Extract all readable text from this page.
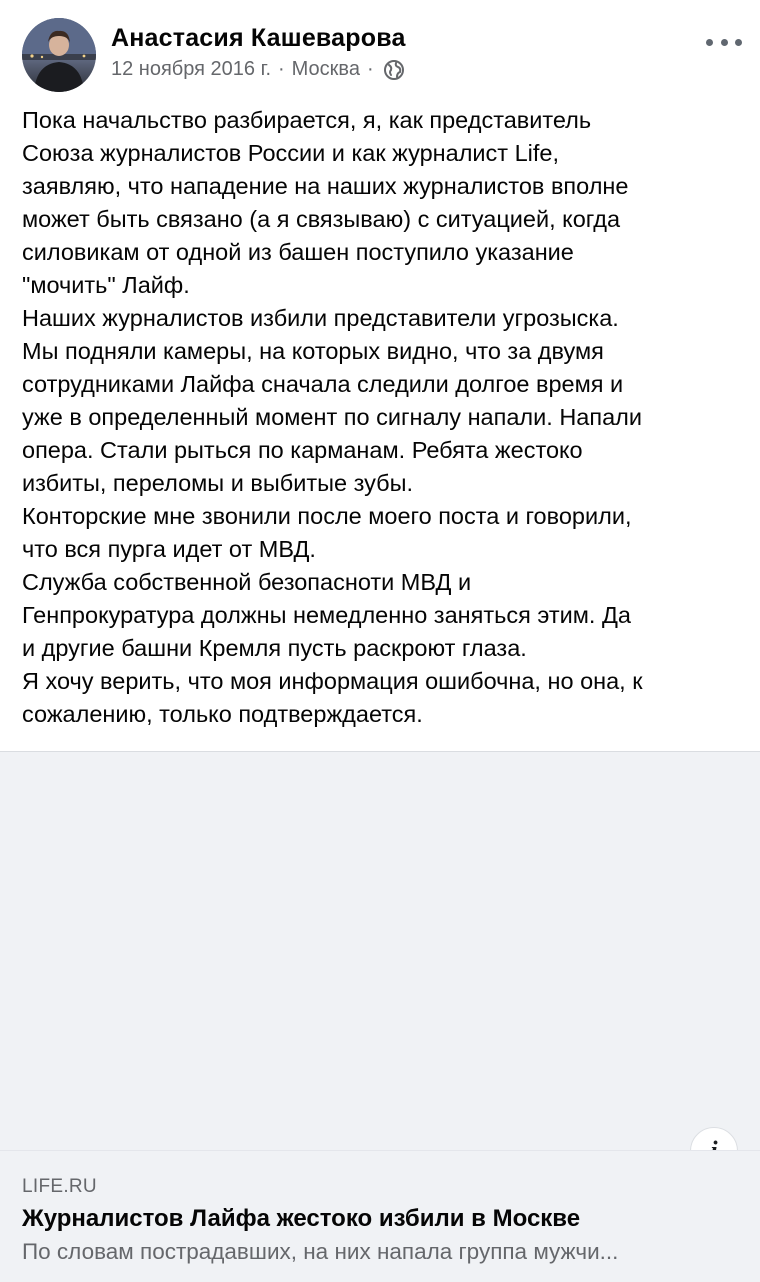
Анастасия Кашеварова
12 ноября 2016 г. · Москва ·

Пока начальство разбирается, я, как представитель

Союза журналистов России и как журналист Life,

заявляю, что нападение на наших журналистов вполне

может быть связано (а я связываю) с ситуацией, когда

силовикам от одной из башен поступило указание

"мочить" Лайф.

Наших журналистов избили представители угрозыска.

Мы подняли камеры, на которых видно, что за двумя

сотрудниками Лайфа сначала следили долгое время и

уже в определенный момент по сигналу напали. Напали

опера. Стали рыться по карманам. Ребята жестоко

избиты, переломы и выбитые зубы.

Конторские мне звонили после моего поста и говорили,

что вся пурга идет от МВД.

Служба собственной безопасноти МВД и

Генпрокуратура должны немедленно заняться этим. Да

и другие башни Кремля пусть раскроют глаза.

Я хочу верить, что моя информация ошибочна, но она, к

сожалению, только подтверждается.

LIFE.RU
Журналистов Лайфа жестоко избили в Москве
По словам пострадавших, на них напала группа мужчи...
